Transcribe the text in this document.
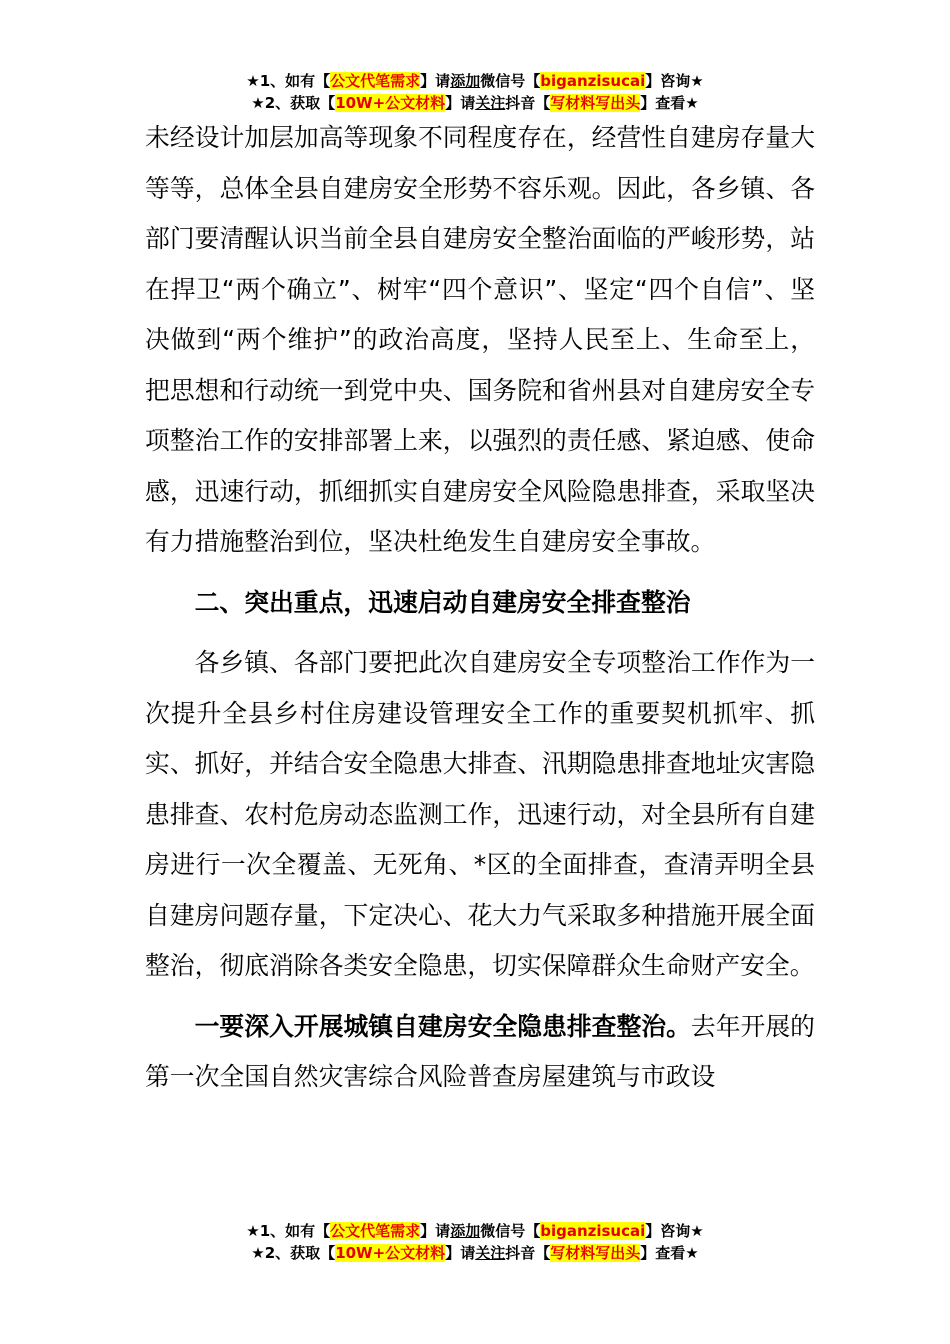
★1、如有【公文代笔需求】请添加微信号【biganzisucai】咨询★
★2、获取【10W+公文材料】请关注抖音【写材料写出头】查看★

未经设计加层加高等现象不同程度存在，经营性自建房存量大等等，总体全县自建房安全形势不容乐观。因此，各乡镇、各部门要清醒认识当前全县自建房安全整治面临的严峻形势，站在捍卫“两个确立”、树牢“四个意识”、坚定“四个自信”、坚决做到“两个维护”的政治高度，坚持人民至上、生命至上，把思想和行动统一到党中央、国务院和省州县对自建房安全专项整治工作的安排部署上来，以强烈的责任感、紧迫感、使命感，迅速行动，抓细抓实自建房安全风险隐患排查，采取坚决有力措施整治到位，坚决杜绝发生自建房安全事故。

二、突出重点，迅速启动自建房安全排查整治

各乡镇、各部门要把此次自建房安全专项整治工作作为一次提升全县乡村住房建设管理安全工作的重要契机抓牢、抓实、抓好，并结合安全隐患大排查、汛期隐患排查地址灾害隐患排查、农村危房动态监测工作，迅速行动，对全县所有自建房进行一次全覆盖、无死角、*区的全面排查，查清弄明全县自建房问题存量，下定决心、花大力气采取多种措施开展全面整治，彻底消除各类安全隐患，切实保障群众生命财产安全。

一要深入开展城镇自建房安全隐患排查整治。去年开展的第一次全国自然灾害综合风险普查房屋建筑与市政设

★1、如有【公文代笔需求】请添加微信号【biganzisucai】咨询★
★2、获取【10W+公文材料】请关注抖音【写材料写出头】查看★
